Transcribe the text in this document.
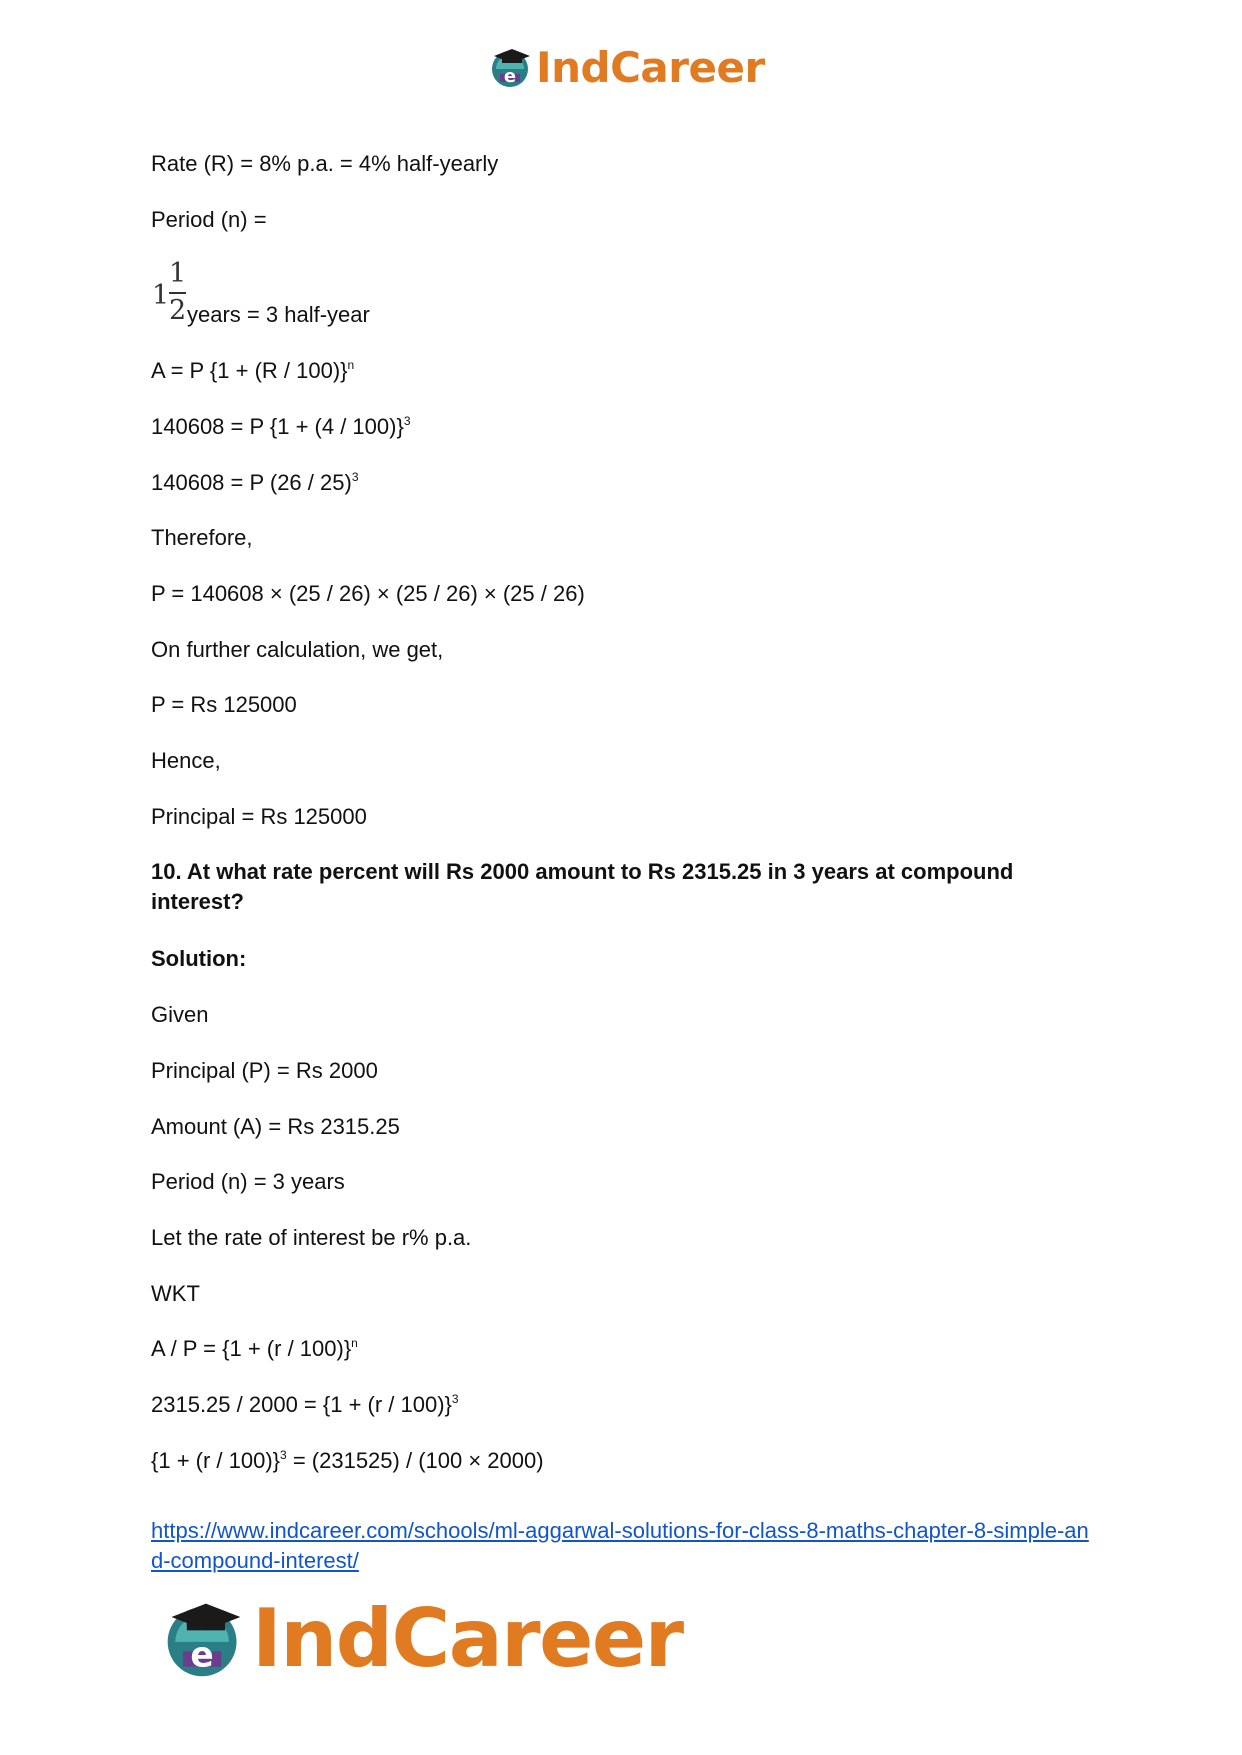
e IndCareer
Rate (R) = 8% p.a. = 4% half-yearly
Period (n) =
1
1
2 years = 3 half-year
A = P $\{1 + (R / 100)\}^n$
140608 = P $\{1 + (4 / 100)\}^3$
140608 = P (26 / 25)$^3$
Therefore,
P = 140608 × (25 / 26) × (25 / 26) × (25 / 26)
On further calculation, we get,
P = Rs 125000
Hence,
Principal = Rs 125000
10. At what rate percent will Rs 2000 amount to Rs 2315.25 in 3 years at compound interest?
Solution:
Given
Principal (P) = Rs 2000
Amount (A) = Rs 2315.25
Period (n) = 3 years
Let the rate of interest be r% p.a.
WKT
$A / P = \{1 + (r / 100)\}^n$
$2315.25 / 2000 = \{1 + (r / 100)\}^3$
$\{1 + (r / 100)\}^3 = (231525) / (100 \times 2000)$
https://www.indcareer.com/schools/ml-aggarwal-solutions-for-class-8-maths-chapter-8-simple-and-compound-interest/
e IndCareer
